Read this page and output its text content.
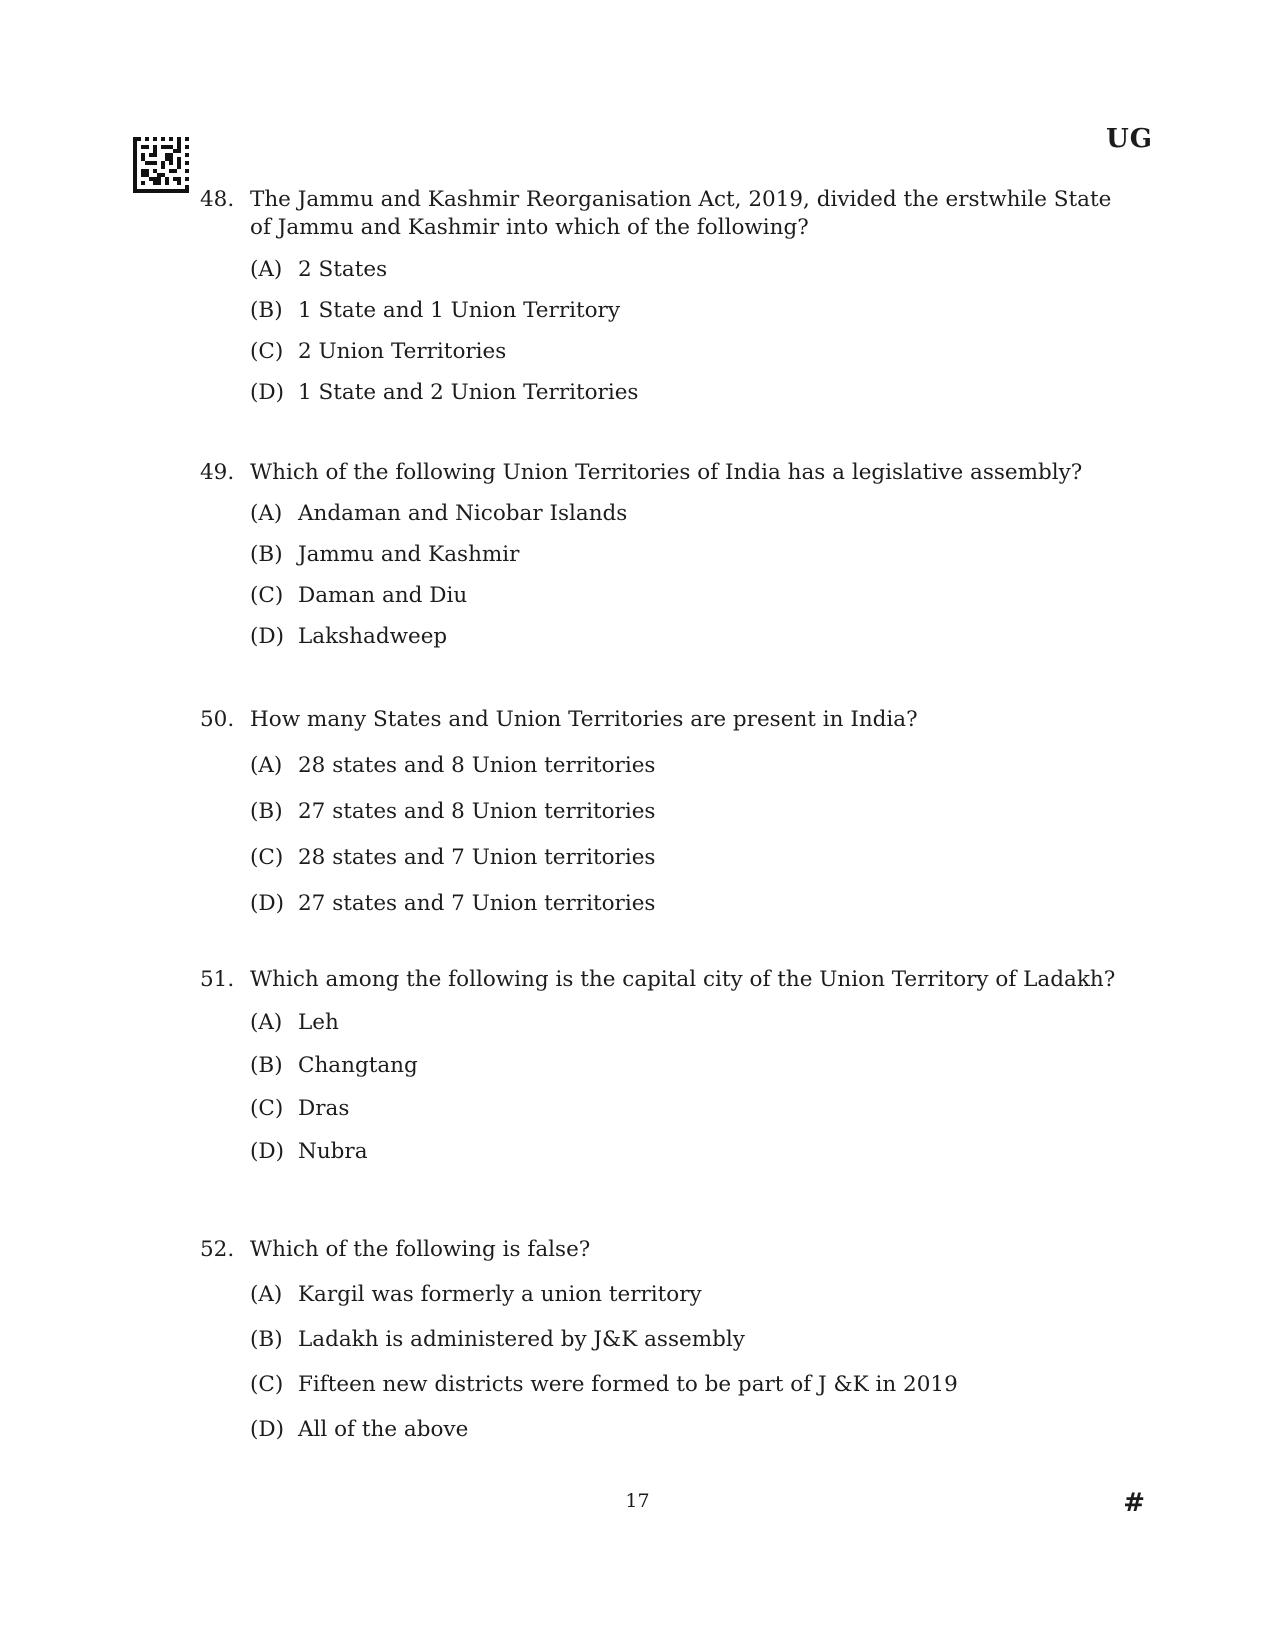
UG
48. The Jammu and Kashmir Reorganisation Act, 2019, divided the erstwhile State of Jammu and Kashmir into which of the following?
(A) 2 States
(B) 1 State and 1 Union Territory
(C) 2 Union Territories
(D) 1 State and 2 Union Territories
49. Which of the following Union Territories of India has a legislative assembly?
(A) Andaman and Nicobar Islands
(B) Jammu and Kashmir
(C) Daman and Diu
(D) Lakshadweep
50. How many States and Union Territories are present in India?
(A) 28 states and 8 Union territories
(B) 27 states and 8 Union territories
(C) 28 states and 7 Union territories
(D) 27 states and 7 Union territories
51. Which among the following is the capital city of the Union Territory of Ladakh?
(A) Leh
(B) Changtang
(C) Dras
(D) Nubra
52. Which of the following is false?
(A) Kargil was formerly a union territory
(B) Ladakh is administered by J&K assembly
(C) Fifteen new districts were formed to be part of J &K in 2019
(D) All of the above
17	#
